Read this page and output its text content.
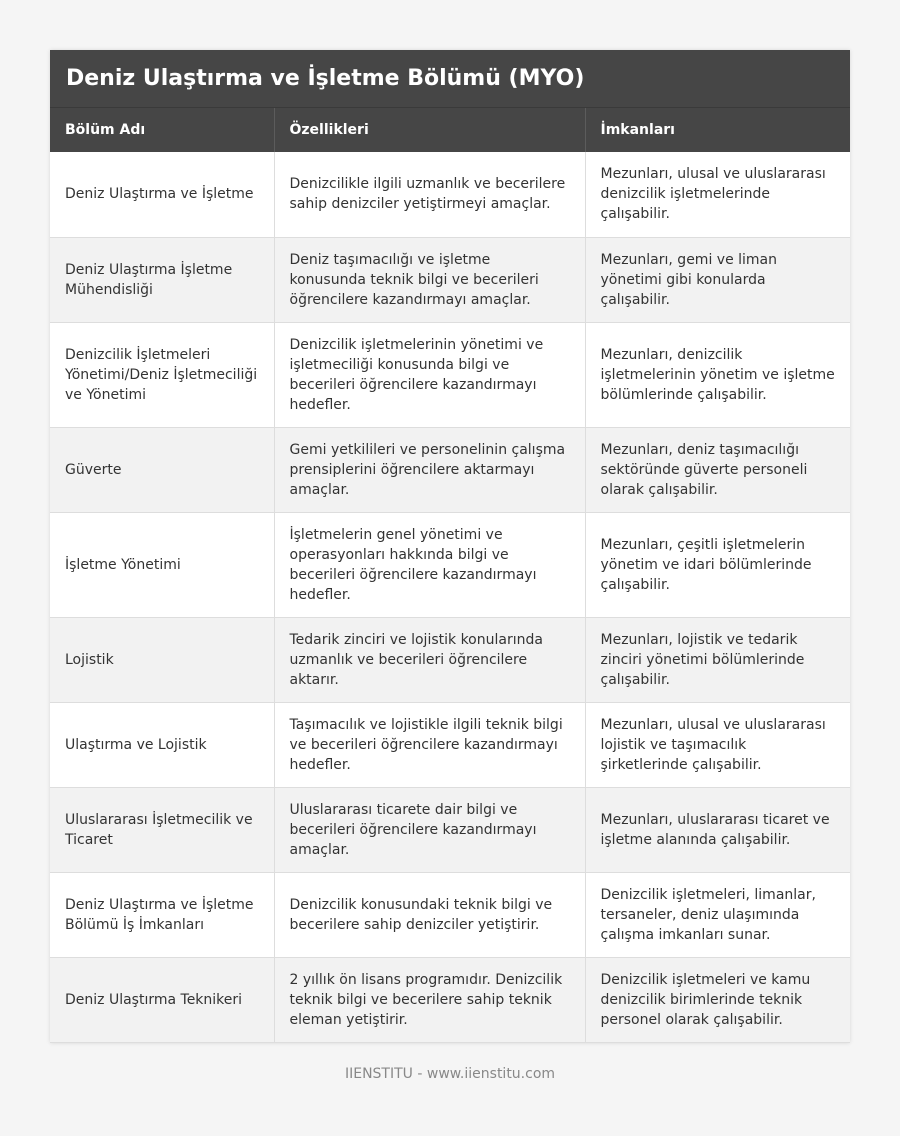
Deniz Ulaştırma ve İşletme Bölümü (MYO)
Bölüm Adı	Özellikleri	İmkanları
Deniz Ulaştırma ve İşletme	Denizcilikle ilgili uzmanlık ve becerilere sahip denizciler yetiştirmeyi amaçlar.	Mezunları, ulusal ve uluslararası denizcilik işletmelerinde çalışabilir.
Deniz Ulaştırma İşletme Mühendisliği	Deniz taşımacılığı ve işletme konusunda teknik bilgi ve becerileri öğrencilere kazandırmayı amaçlar.	Mezunları, gemi ve liman yönetimi gibi konularda çalışabilir.
Denizcilik İşletmeleri Yönetimi/Deniz İşletmeciliği ve Yönetimi	Denizcilik işletmelerinin yönetimi ve işletmeciliği konusunda bilgi ve becerileri öğrencilere kazandırmayı hedefler.	Mezunları, denizcilik işletmelerinin yönetim ve işletme bölümlerinde çalışabilir.
Güverte	Gemi yetkilileri ve personelinin çalışma prensiplerini öğrencilere aktarmayı amaçlar.	Mezunları, deniz taşımacılığı sektöründe güverte personeli olarak çalışabilir.
İşletme Yönetimi	İşletmelerin genel yönetimi ve operasyonları hakkında bilgi ve becerileri öğrencilere kazandırmayı hedefler.	Mezunları, çeşitli işletmelerin yönetim ve idari bölümlerinde çalışabilir.
Lojistik	Tedarik zinciri ve lojistik konularında uzmanlık ve becerileri öğrencilere aktarır.	Mezunları, lojistik ve tedarik zinciri yönetimi bölümlerinde çalışabilir.
Ulaştırma ve Lojistik	Taşımacılık ve lojistikle ilgili teknik bilgi ve becerileri öğrencilere kazandırmayı hedefler.	Mezunları, ulusal ve uluslararası lojistik ve taşımacılık şirketlerinde çalışabilir.
Uluslararası İşletmecilik ve Ticaret	Uluslararası ticarete dair bilgi ve becerileri öğrencilere kazandırmayı amaçlar.	Mezunları, uluslararası ticaret ve işletme alanında çalışabilir.
Deniz Ulaştırma ve İşletme Bölümü İş İmkanları	Denizcilik konusundaki teknik bilgi ve becerilere sahip denizciler yetiştirir.	Denizcilik işletmeleri, limanlar, tersaneler, deniz ulaşımında çalışma imkanları sunar.
Deniz Ulaştırma Teknikeri	2 yıllık ön lisans programıdır. Denizcilik teknik bilgi ve becerilere sahip teknik eleman yetiştirir.	Denizcilik işletmeleri ve kamu denizcilik birimlerinde teknik personel olarak çalışabilir.
IIENSTITU - www.iienstitu.com
